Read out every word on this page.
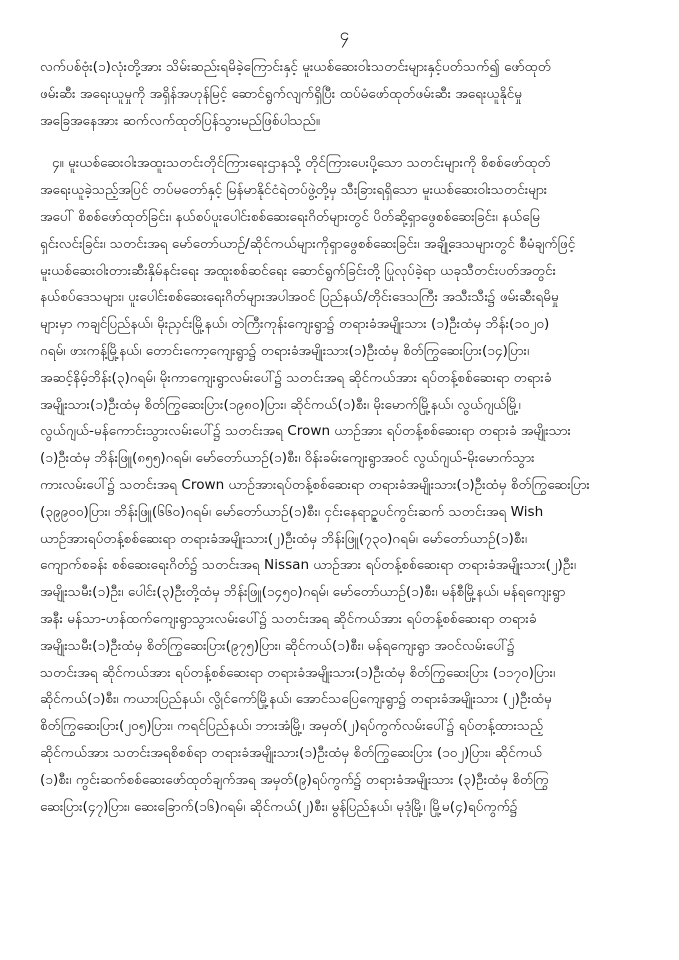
၄
လက်ပစ်ဗုံး(၁)လုံးတို့အား သိမ်းဆည်းရမိခဲ့ကြောင်းနှင့် မူးယစ်ဆေးဝါးသတင်းများနှင့်ပတ်သက်၍ ဖော်ထုတ်
ဖမ်းဆီး အရေးယူမှုကို အရှိန်အဟုန်မြင့် ဆောင်ရွက်လျက်ရှိပြီး ထပ်မံဖော်ထုတ်ဖမ်းဆီး အရေးယူနိုင်မှု
အခြေအနေအား ဆက်လက်ထုတ်ပြန်သွားမည်ဖြစ်ပါသည်။
၄။ မူးယစ်ဆေးဝါးအထူးသတင်းတိုင်ကြားရေးဌာနသို့ တိုင်ကြားပေးပို့သော သတင်းများကို စိစစ်ဖော်ထုတ်
အရေးယူခဲ့သည့်အပြင် တပ်မတော်နှင့် မြန်မာနိုင်ငံရဲတပ်ဖွဲ့တို့မှ သီးခြားရရှိသော မူးယစ်ဆေးဝါးသတင်းများ
အပေါ် စိစစ်ဖော်ထုတ်ခြင်း၊ နယ်စပ်ပူးပေါင်းစစ်ဆေးရေးဂိတ်များတွင် ပိတ်ဆို့ရှာဖွေစစ်ဆေးခြင်း၊ နယ်မြေ
ရှင်းလင်းခြင်း၊ သတင်းအရ မော်တော်ယာဉ်/ဆိုင်ကယ်များကိုရှာဖွေစစ်ဆေးခြင်း၊ အချို့ဒေသများတွင် စီမံချက်ဖြင့်
မူးယစ်ဆေးဝါးတားဆီးနှိမ်နင်းရေး အထူးစစ်ဆင်ရေး ဆောင်ရွက်ခြင်းတို့ ပြုလုပ်ခဲ့ရာ ယခုသီတင်းပတ်အတွင်း
နယ်စပ်ဒေသများ၊ ပူးပေါင်းစစ်ဆေးရေးဂိတ်များအပါအဝင် ပြည်နယ်/တိုင်းဒေသကြီး အသီးသီး၌ ဖမ်းဆီးရမိမှု
များမှာ ကချင်ပြည်နယ်၊ မိုးညှင်းမြို့နယ်၊ တဲကြီးကုန်းကျေးရွာ၌ တရားခံအမျိုးသား (၁)ဦးထံမှ ဘိန်း(၁၀၂၀)
ဂရမ်၊ ဖားကန့်မြို့နယ်၊ တောင်းကော့ကျေးရွာ၌ တရားခံအမျိုးသား(၁)ဦးထံမှ စိတ်ကြွဆေးပြား(၁၄)ပြား၊
အဆင့်နိမ့်ဘိန်း(၃)ဂရမ်၊ မိုးကာကျေးရွာလမ်းပေါ်၌ သတင်းအရ ဆိုင်ကယ်အား ရပ်တန့်စစ်ဆေးရာ တရားခံ
အမျိုးသား(၁)ဦးထံမှ စိတ်ကြွဆေးပြား(၁၉၈၀)ပြား၊ ဆိုင်ကယ်(၁)စီး၊ မိုးမောက်မြို့နယ်၊ လွယ်ဂျယ်မြို့၊
လွယ်ဂျယ်-မန်ကောင်းသွားလမ်းပေါ်၌ သတင်းအရ Crown ယာဉ်အား ရပ်တန့်စစ်ဆေးရာ တရားခံ အမျိုးသား
(၁)ဦးထံမှ ဘိန်းဖြူ(၈၅၅)ဂရမ်၊ မော်တော်ယာဉ်(၁)စီး၊ ဝိန်းခမ်းကျေးရွာအဝင် လွယ်ဂျယ်-မိုးမောက်သွား
ကားလမ်းပေါ်၌ သတင်းအရ Crown ယာဉ်အားရပ်တန့်စစ်ဆေးရာ တရားခံအမျိုးသား(၁)ဦးထံမှ စိတ်ကြွဆေးပြား
(၃၉၉၀၀)ပြား၊ ဘိန်းဖြူ(၆၆၀)ဂရမ်၊ မော်တော်ယာဉ်(၁)စီး၊ ငှင်းနေရာဥ္ဇပင်ကွင်းဆက် သတင်းအရ Wish
ယာဉ်အားရပ်တန့်စစ်ဆေးရာ တရားခံအမျိုးသား(၂)ဦးထံမှ ဘိန်းဖြူ(၇၃၀)ဂရမ်၊ မော်တော်ယာဉ်(၁)စီး၊
ကျောက်စခန်း စစ်ဆေးရေးဂိတ်၌ သတင်းအရ Nissan ယာဉ်အား ရပ်တန့်စစ်ဆေးရာ တရားခံအမျိုးသား(၂)ဦး၊
အမျိုးသမီး(၁)ဦး၊ ပေါင်း(၃)ဦးတို့ထံမှ ဘိန်းဖြူ(၁၄၅၀)ဂရမ်၊ မော်တော်ယာဉ်(၁)စီး၊ မန်စီမြို့နယ်၊ မန်ရကျေးရွာ
အနီး မန်သာ-ဟန်ထက်ကျေးရွာသွားလမ်းပေါ်၌ သတင်းအရ ဆိုင်ကယ်အား ရပ်တန့်စစ်ဆေးရာ တရားခံ
အမျိုးသမီး(၁)ဦးထံမှ စိတ်ကြွဆေးပြား(၉၇၅)ပြား၊ ဆိုင်ကယ်(၁)စီး၊ မန်ရကျေးရွာ အဝင်လမ်းပေါ်၌
သတင်းအရ ဆိုင်ကယ်အား ရပ်တန့်စစ်ဆေးရာ တရားခံအမျိုးသား(၁)ဦးထံမှ စိတ်ကြွဆေးပြား (၁၁၇၀)ပြား၊
ဆိုင်ကယ်(၁)စီး၊ ကယားပြည်နယ်၊ လွိုင်ကော်မြို့နယ်၊ အောင်သပြေကျေးရွာ၌ တရားခံအမျိုးသား (၂)ဦးထံမှ
စိတ်ကြွဆေးပြား(၂၀၅)ပြား၊ ကရင်ပြည်နယ်၊ ဘားအံမြို့၊ အမှတ်(၂)ရပ်ကွက်လမ်းပေါ်၌ ရပ်တန့်ထားသည့်
ဆိုင်ကယ်အား သတင်းအရစိစစ်ရာ တရားခံအမျိုးသား(၁)ဦးထံမှ စိတ်ကြွဆေးပြား (၁၀၂)ပြား၊ ဆိုင်ကယ်
(၁)စီး၊ ကွင်းဆက်စစ်ဆေးဖော်ထုတ်ချက်အရ အမှတ်(၉)ရပ်ကွက်၌ တရားခံအမျိုးသား (၃)ဦးထံမှ စိတ်ကြွ
ဆေးပြား(၄၇)ပြား၊ ဆေးခြောက်(၁၆)ဂရမ်၊ ဆိုင်ကယ်(၂)စီး၊ မွန်ပြည်နယ်၊ မုဒုံမြို့၊ မြို့မ(၄)ရပ်ကွက်၌
